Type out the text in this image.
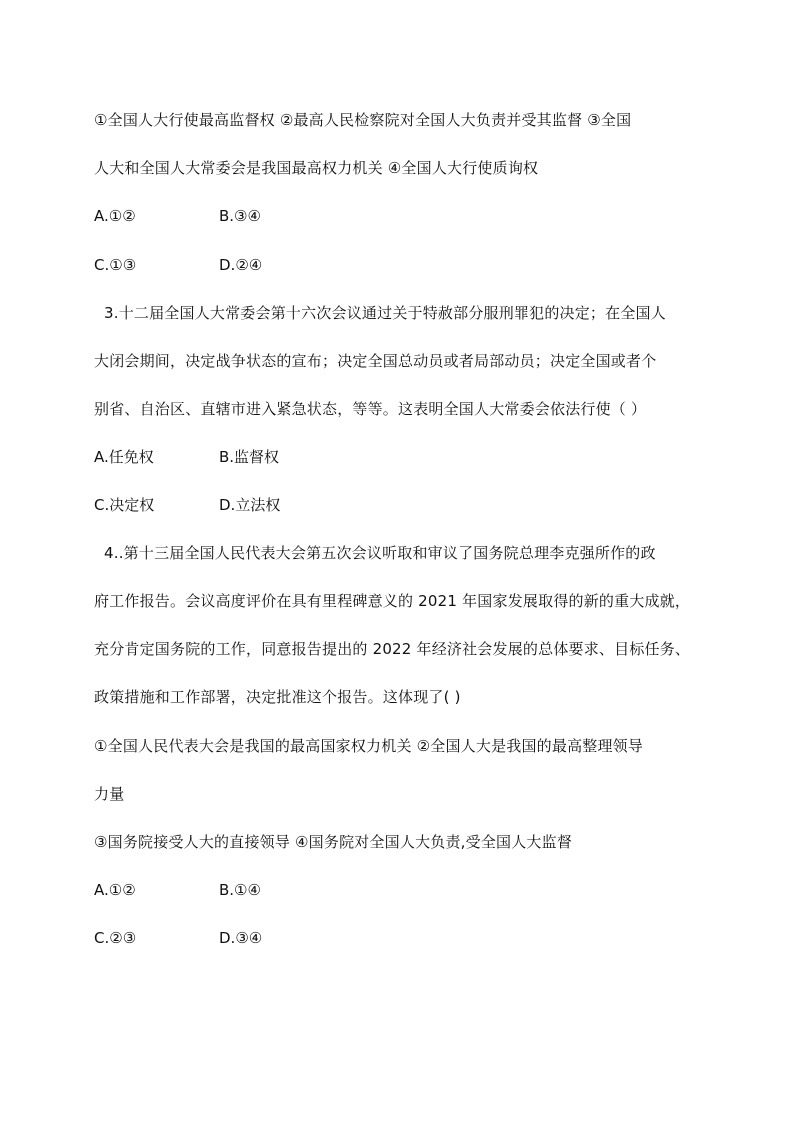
①全国人大行使最高监督权 ②最高人民检察院对全国人大负责并受其监督 ③全国
人大和全国人大常委会是我国最高权力机关 ④全国人大行使质询权
A.①②	B.③④
C.①③	D.②④
3.十二届全国人大常委会第十六次会议通过关于特赦部分服刑罪犯的决定；在全国人
大闭会期间，决定战争状态的宣布；决定全国总动员或者局部动员；决定全国或者个
别省、自治区、直辖市进入紧急状态，等等。这表明全国人大常委会依法行使（ ）
A.任免权	B.监督权
C.决定权	D.立法权
4..第十三届全国人民代表大会第五次会议听取和审议了国务院总理李克强所作的政
府工作报告。会议高度评价在具有里程碑意义的 2021 年国家发展取得的新的重大成就，
充分肯定国务院的工作，同意报告提出的 2022 年经济社会发展的总体要求、目标任务、
政策措施和工作部署，决定批准这个报告。这体现了( )
①全国人民代表大会是我国的最高国家权力机关 ②全国人大是我国的最高整理领导
力量
③国务院接受人大的直接领导 ④国务院对全国人大负责,受全国人大监督
A.①②	B.①④
C.②③	D.③④
